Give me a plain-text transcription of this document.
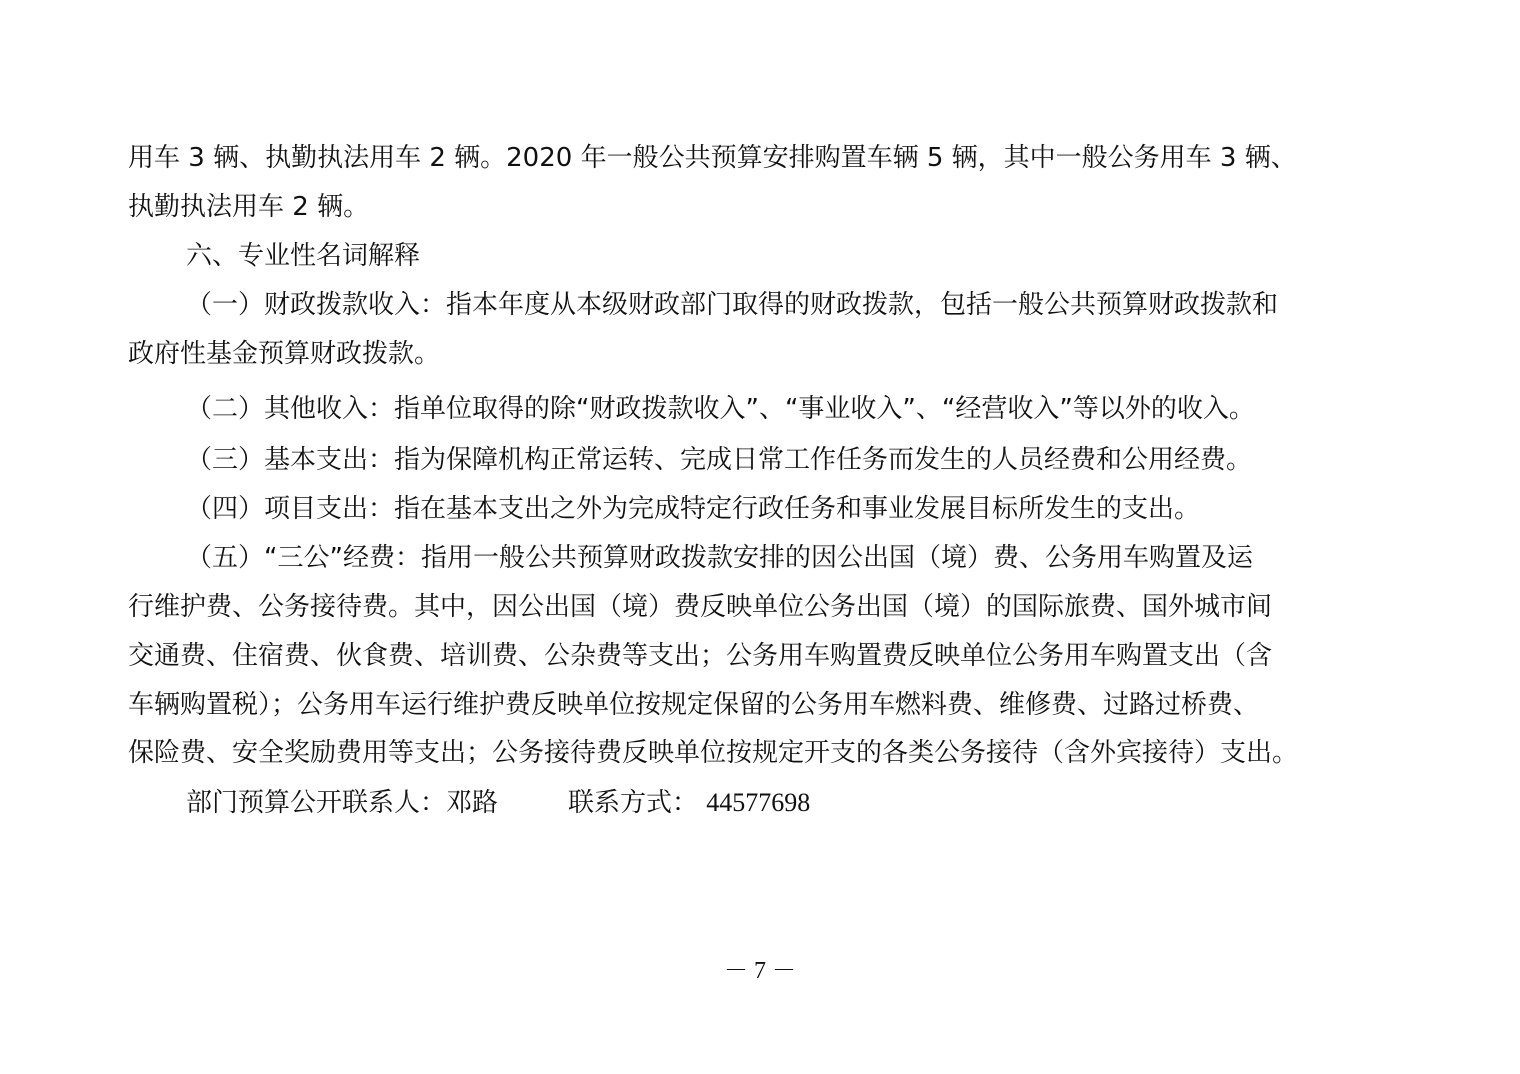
用车 3 辆、执勤执法用车 2 辆。2020 年一般公共预算安排购置车辆 5 辆，其中一般公务用车 3 辆、
执勤执法用车 2 辆。
六、专业性名词解释
（一）财政拨款收入：指本年度从本级财政部门取得的财政拨款，包括一般公共预算财政拨款和
政府性基金预算财政拨款。
（二）其他收入：指单位取得的除“财政拨款收入”、“事业收入”、“经营收入”等以外的收入。
（三）基本支出：指为保障机构正常运转、完成日常工作任务而发生的人员经费和公用经费。
（四）项目支出：指在基本支出之外为完成特定行政任务和事业发展目标所发生的支出。
（五）“三公”经费：指用一般公共预算财政拨款安排的因公出国（境）费、公务用车购置及运
行维护费、公务接待费。其中，因公出国（境）费反映单位公务出国（境）的国际旅费、国外城市间
交通费、住宿费、伙食费、培训费、公杂费等支出；公务用车购置费反映单位公务用车购置支出（含
车辆购置税）；公务用车运行维护费反映单位按规定保留的公务用车燃料费、维修费、过路过桥费、
保险费、安全奖励费用等支出；公务接待费反映单位按规定开支的各类公务接待（含外宾接待）支出。
部门预算公开联系人：邓路	联系方式： 44577698
－ 7 －
